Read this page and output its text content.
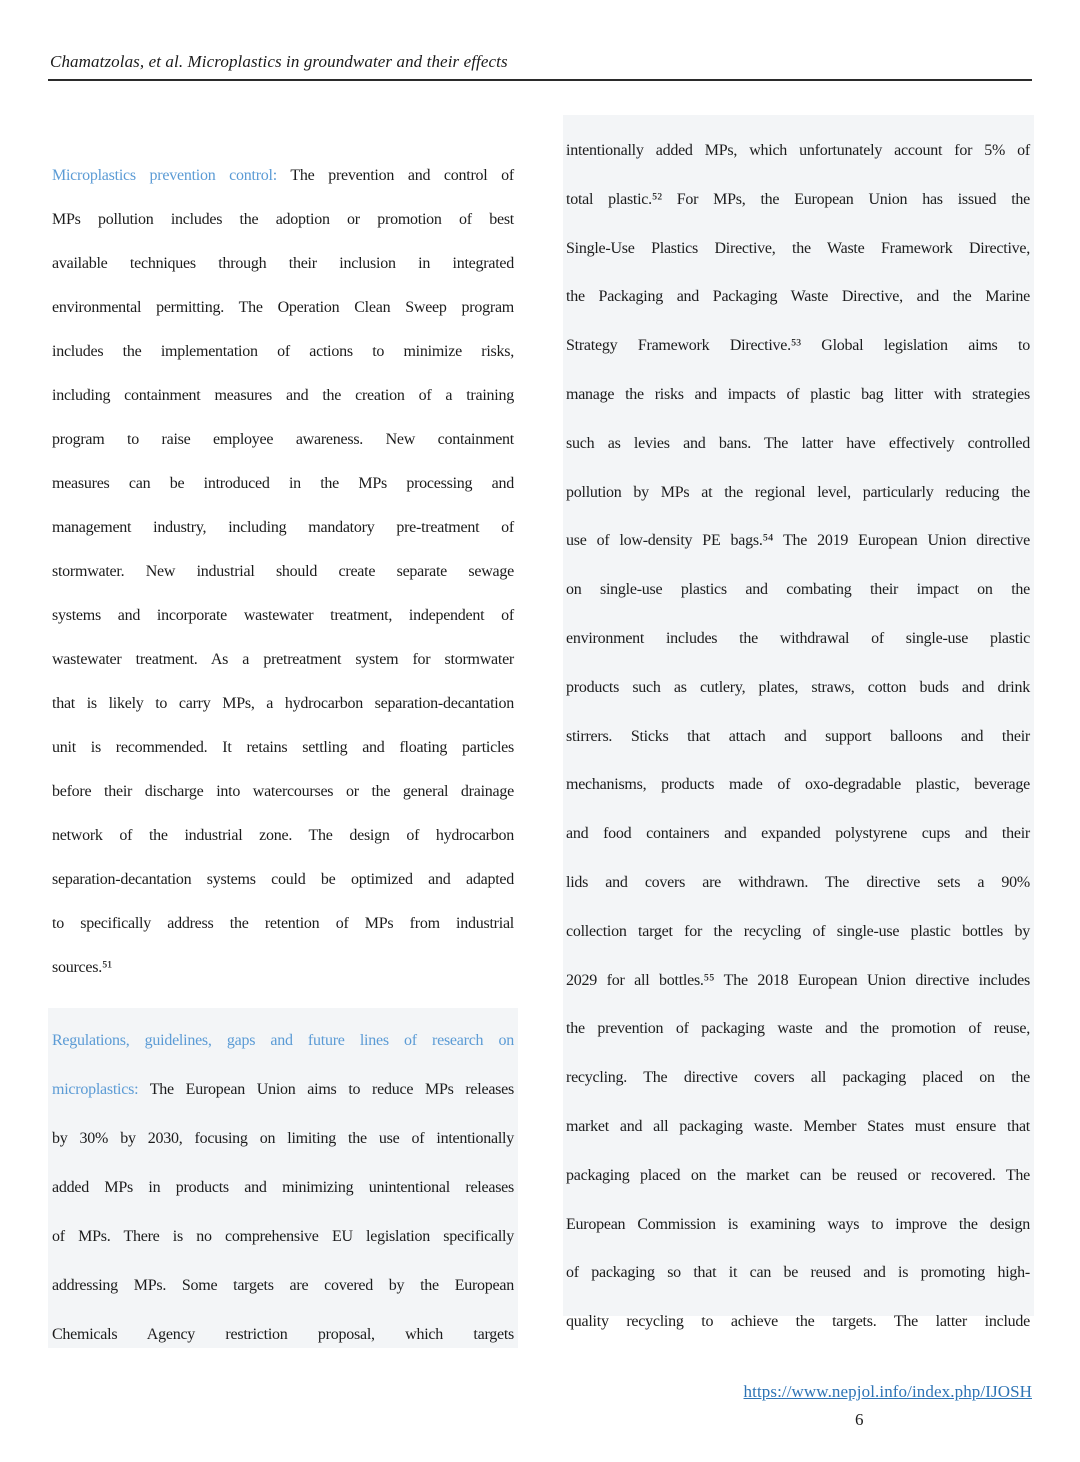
Chamatzolas, et al. Microplastics in groundwater and their effects
Microplastics prevention control: The prevention and control of
MPs pollution includes the adoption or promotion of best
available techniques through their inclusion in integrated
environmental permitting. The Operation Clean Sweep program
includes the implementation of actions to minimize risks,
including containment measures and the creation of a training
program to raise employee awareness. New containment
measures can be introduced in the MPs processing and
management industry, including mandatory pre-treatment of
stormwater. New industrial should create separate sewage
systems and incorporate wastewater treatment, independent of
wastewater treatment. As a pretreatment system for stormwater
that is likely to carry MPs, a hydrocarbon separation-decantation
unit is recommended. It retains settling and floating particles
before their discharge into watercourses or the general drainage
network of the industrial zone. The design of hydrocarbon
separation-decantation systems could be optimized and adapted
to specifically address the retention of MPs from industrial
sources.⁵¹
Regulations, guidelines, gaps and future lines of research on
microplastics: The European Union aims to reduce MPs releases
by 30% by 2030, focusing on limiting the use of intentionally
added MPs in products and minimizing unintentional releases
of MPs. There is no comprehensive EU legislation specifically
addressing MPs. Some targets are covered by the European
Chemicals Agency restriction proposal, which targets
intentionally added MPs, which unfortunately account for 5% of
total plastic.⁵² For MPs, the European Union has issued the
Single-Use Plastics Directive, the Waste Framework Directive,
the Packaging and Packaging Waste Directive, and the Marine
Strategy Framework Directive.⁵³ Global legislation aims to
manage the risks and impacts of plastic bag litter with strategies
such as levies and bans. The latter have effectively controlled
pollution by MPs at the regional level, particularly reducing the
use of low-density PE bags.⁵⁴ The 2019 European Union directive
on single-use plastics and combating their impact on the
environment includes the withdrawal of single-use plastic
products such as cutlery, plates, straws, cotton buds and drink
stirrers. Sticks that attach and support balloons and their
mechanisms, products made of oxo-degradable plastic, beverage
and food containers and expanded polystyrene cups and their
lids and covers are withdrawn. The directive sets a 90%
collection target for the recycling of single-use plastic bottles by
2029 for all bottles.⁵⁵ The 2018 European Union directive includes
the prevention of packaging waste and the promotion of reuse,
recycling. The directive covers all packaging placed on the
market and all packaging waste. Member States must ensure that
packaging placed on the market can be reused or recovered. The
European Commission is examining ways to improve the design
of packaging so that it can be reused and is promoting high-
quality recycling to achieve the targets. The latter include
https://www.nepjol.info/index.php/IJOSH
6
